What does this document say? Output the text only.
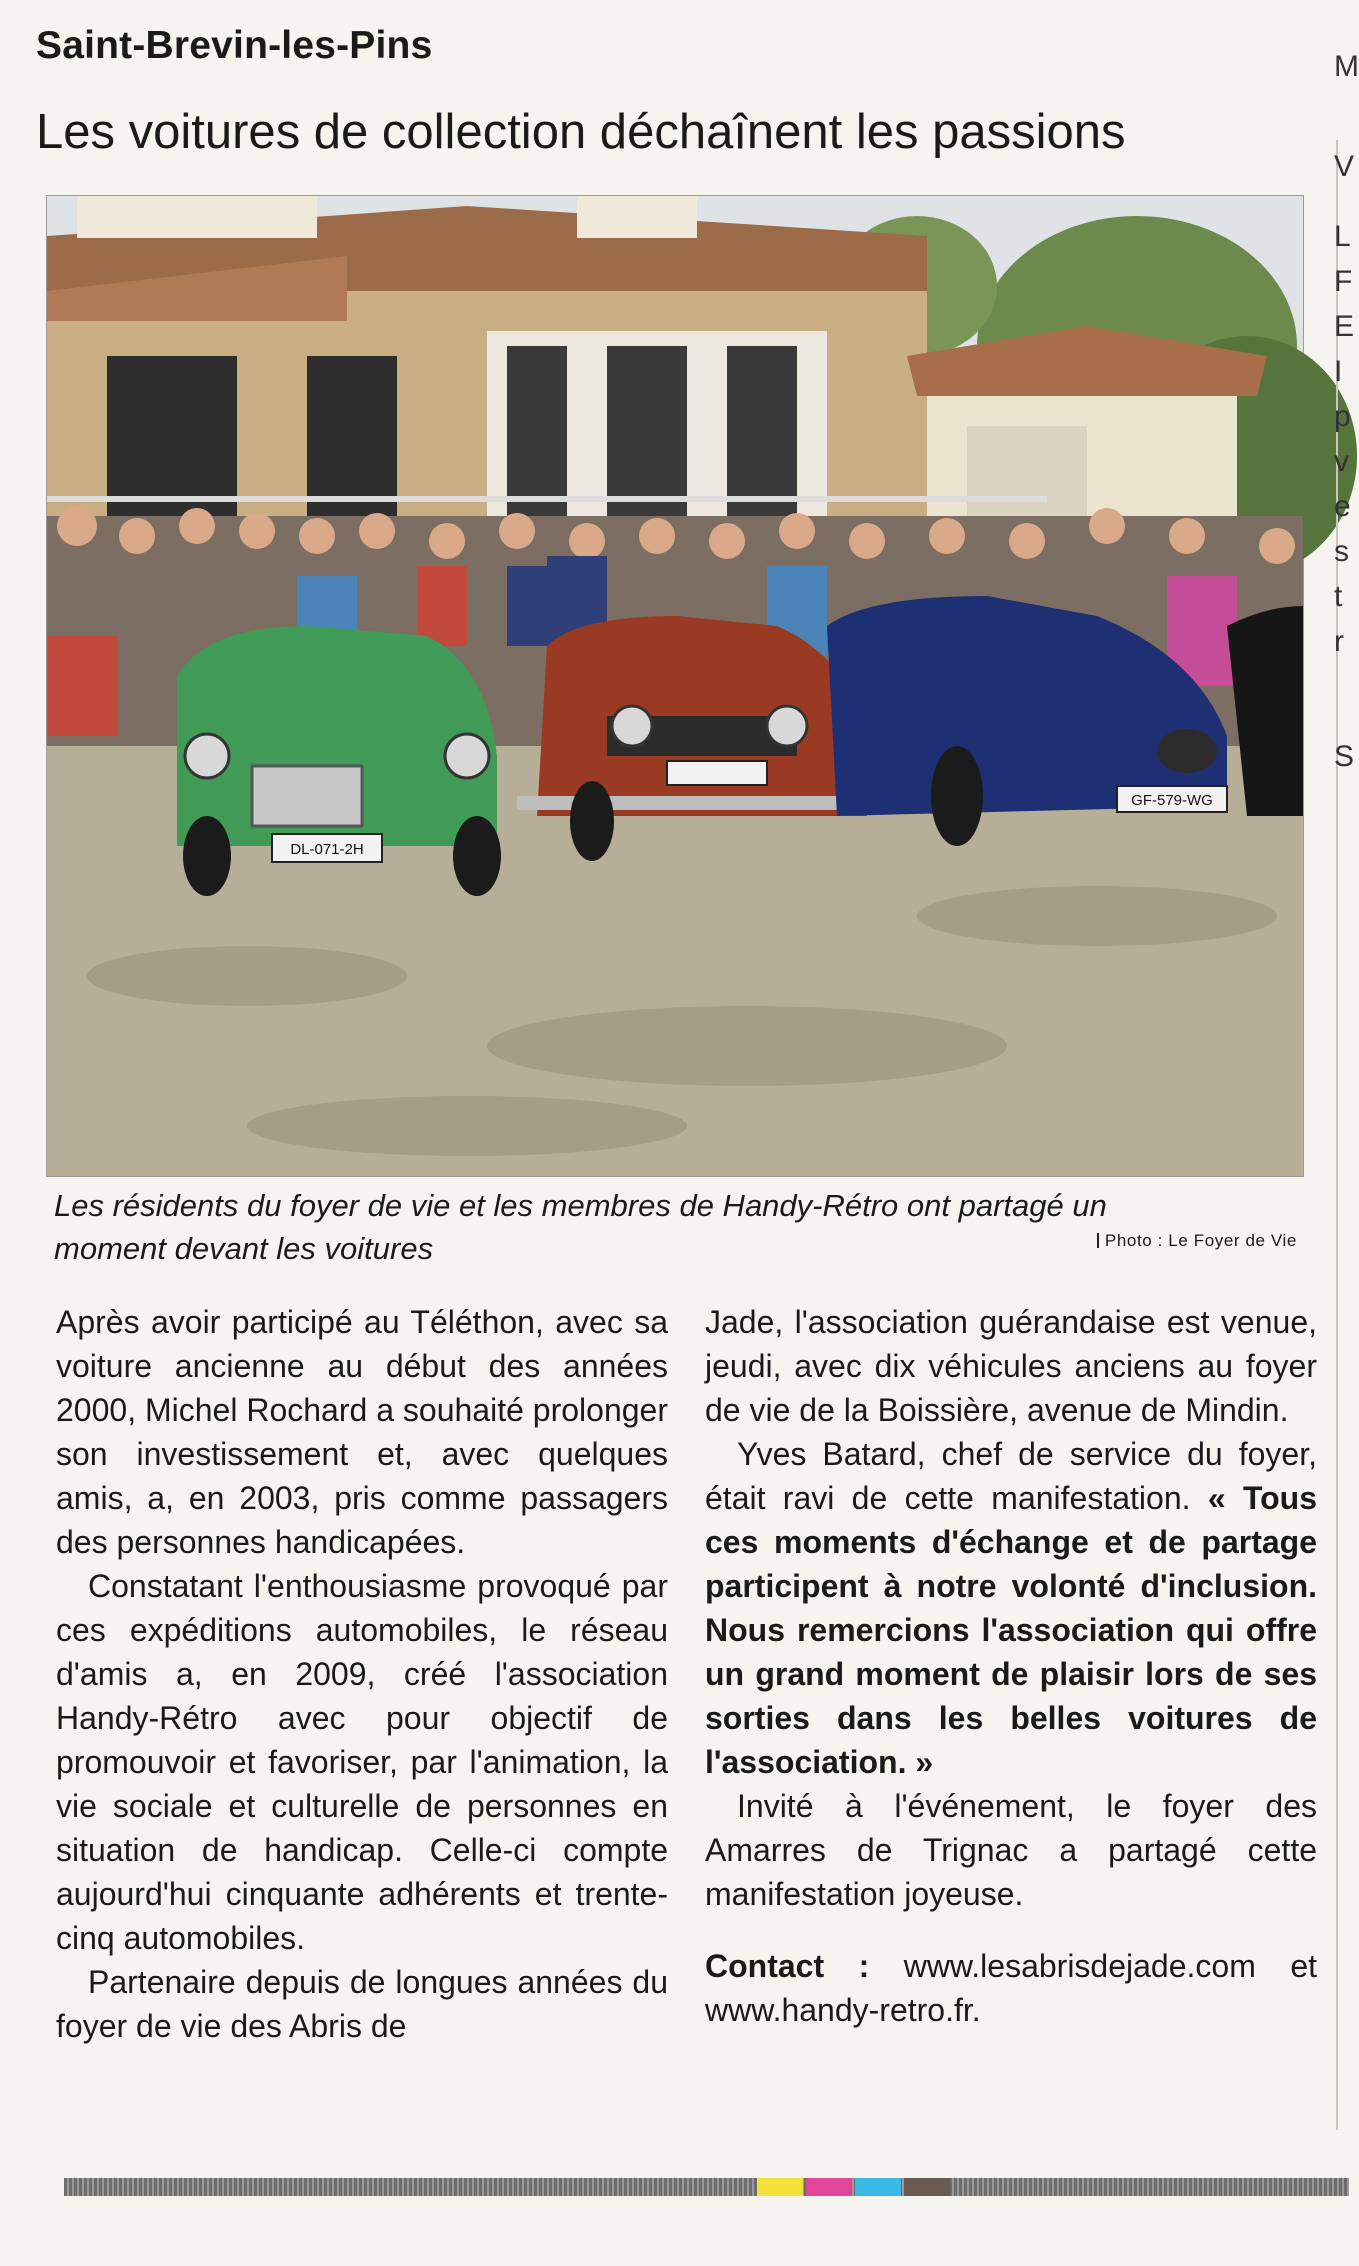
Saint-Brevin-les-Pins
Les voitures de collection déchaînent les passions
DL-071-2H
GF-579-WG
Les résidents du foyer de vie et les membres de Handy-Rétro ont partagé un moment devant les voitures	Photo : Le Foyer de Vie

Après avoir participé au Téléthon, avec sa voiture ancienne au début des années 2000, Michel Rochard a souhaité prolonger son investissement et, avec quelques amis, a, en 2003, pris comme passagers des personnes handicapées.

Constatant l'enthousiasme provoqué par ces expéditions automobiles, le réseau d'amis a, en 2009, créé l'association Handy-Rétro avec pour objectif de promouvoir et favoriser, par l'animation, la vie sociale et culturelle de personnes en situation de handicap. Celle-ci compte aujourd'hui cinquante adhérents et trente-cinq automobiles.

Partenaire depuis de longues années du foyer de vie des Abris de

Jade, l'association guérandaise est venue, jeudi, avec dix véhicules anciens au foyer de vie de la Boissière, avenue de Mindin.

Yves Batard, chef de service du foyer, était ravi de cette manifestation. « Tous ces moments d'échange et de partage participent à notre volonté d'inclusion. Nous remercions l'association qui offre un grand moment de plaisir lors de ses sorties dans les belles voitures de l'association. »

Invité à l'événement, le foyer des Amarres de Trignac a partagé cette manifestation joyeuse.

Contact : www.lesabrisdejade.com et www.handy-retro.fr.

M
V
L
F
E
I
p
v
e
s
t
r
S
